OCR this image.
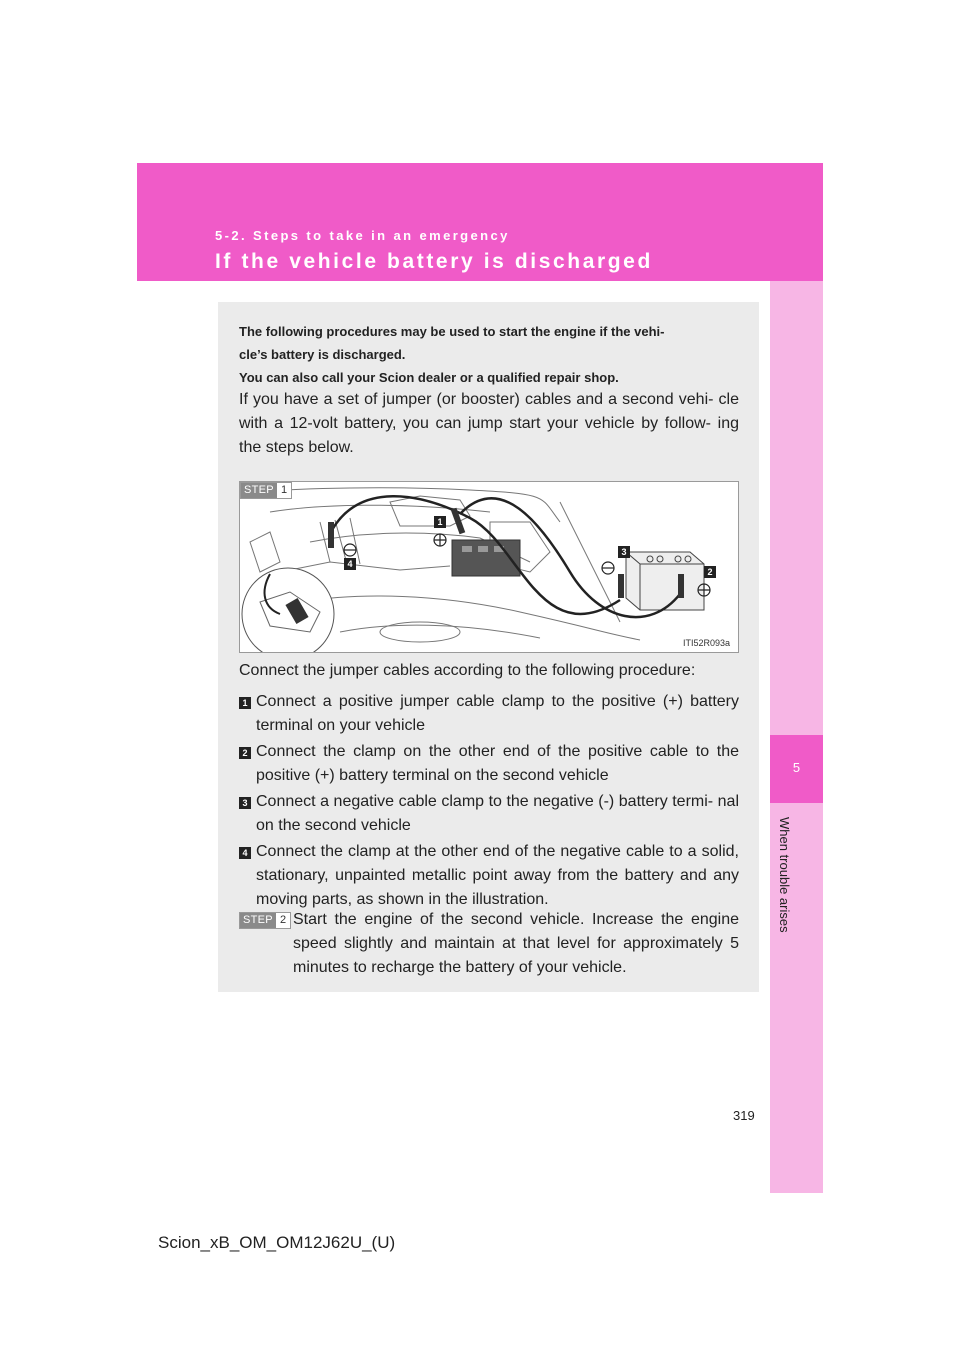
5-2. Steps to take in an emergency
If the vehicle battery is discharged
5
When trouble arises

The following procedures may be used to start the engine if the vehi-
cle’s battery is discharged.
You can also call your Scion dealer or a qualified repair shop.

If you have a set of jumper (or booster) cables and a second vehi- cle with a 12-volt battery, you can jump start your vehicle by follow- ing the steps below.

STEP 1
1
2
3
4
ITI52R093a

Connect the jumper cables according to the following procedure:

1 Connect a positive jumper cable clamp to the positive (+) battery terminal on your vehicle
2 Connect the clamp on the other end of the positive cable to the positive (+) battery terminal on the second vehicle
3 Connect a negative cable clamp to the negative (-) battery termi- nal on the second vehicle
4 Connect the clamp at the other end of the negative cable to a solid, stationary, unpainted metallic point away from the battery and any moving parts, as shown in the illustration.
STEP 2 Start the engine of the second vehicle. Increase the engine speed slightly and maintain at that level for approximately 5 minutes to recharge the battery of your vehicle.

319
Scion_xB_OM_OM12J62U_(U)
